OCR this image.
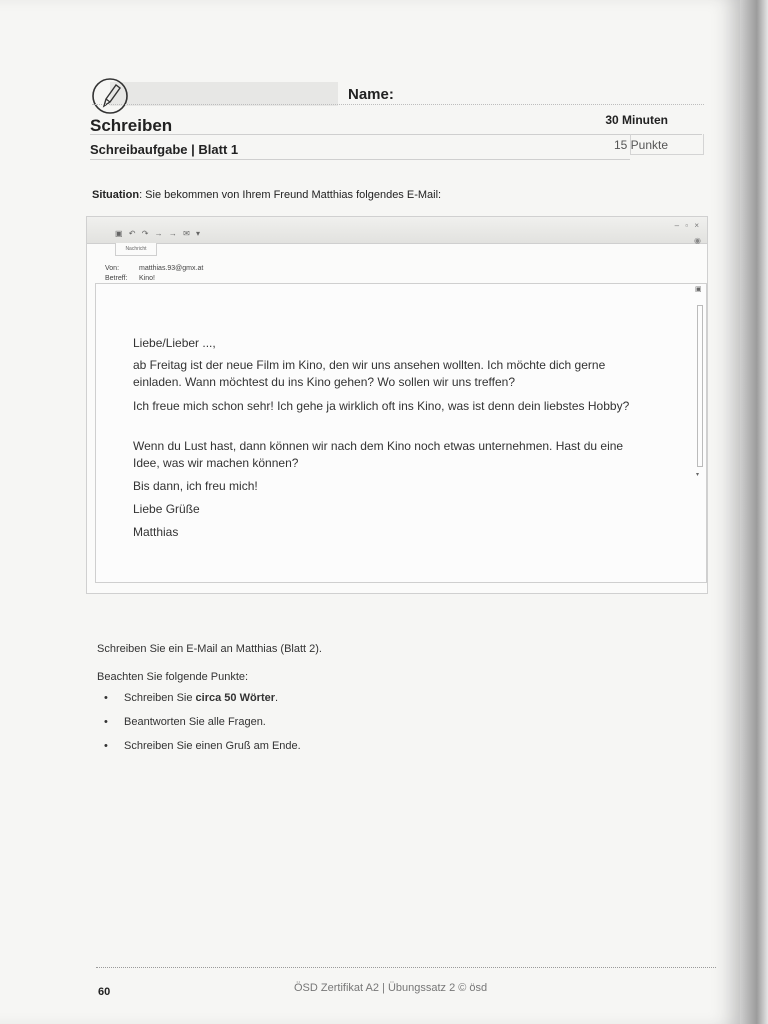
Name:
Schreiben	30 Minuten
Schreibaufgabe | Blatt 1	15 Punkte
Situation: Sie bekommen von Ihrem Freund Matthias folgendes E-Mail:
▣ ↶ ↷ → → ✉ ▾
– ▫ ×
◉
Nachricht
Von:	matthias.93@gmx.at
Betreff: Kino!
▣
▾
Liebe/Lieber ...,
ab Freitag ist der neue Film im Kino, den wir uns ansehen wollten. Ich möchte dich gerne einladen. Wann möchtest du ins Kino gehen? Wo sollen wir uns treffen?
Ich freue mich schon sehr! Ich gehe ja wirklich oft ins Kino, was ist denn dein liebstes Hobby?
Wenn du Lust hast, dann können wir nach dem Kino noch etwas unternehmen. Hast du eine Idee, was wir machen können?
Bis dann, ich freu mich!
Liebe Grüße
Matthias
Schreiben Sie ein E-Mail an Matthias (Blatt 2).
Beachten Sie folgende Punkte:
• Schreiben Sie circa 50 Wörter.
• Beantworten Sie alle Fragen.
• Schreiben Sie einen Gruß am Ende.
60	ÖSD Zertifikat A2 | Übungssatz 2 © ösd
